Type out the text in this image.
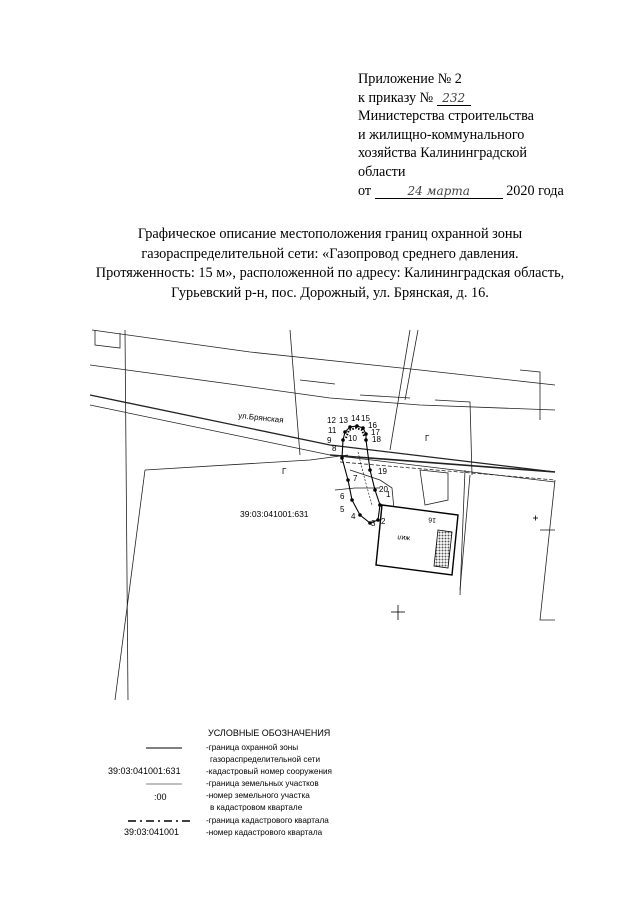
Приложение № 2
к приказу № 232
Министерства строительства
и жилищно-коммунального
хозяйства Калининградской
области
от	24 марта	2020 года
Графическое описание местоположения границ охранной зоны
газораспределительной сети: «Газопровод среднего давления.
Протяженность: 15 м», расположенной по адресу: Калининградская область,
Гурьевский р-н, пос. Дорожный, ул. Брянская, д. 16.
жил
16
1
2
3
4
5
6
7
8
9 10
11
12 13 14 15
16
17
18
19
20
ул.Брянская
39:03:041001:631
Г
Г
УСЛОВНЫЕ ОБОЗНАЧЕНИЯ
-граница охранной зоны
газораспределительной сети
39:03:041001:631	-кадастровый номер сооружения
-граница земельных участков
:00	-номер земельного участка
в кадастровом квартале
-граница кадастрового квартала
39:03:041001	-номер кадастрового квартала
